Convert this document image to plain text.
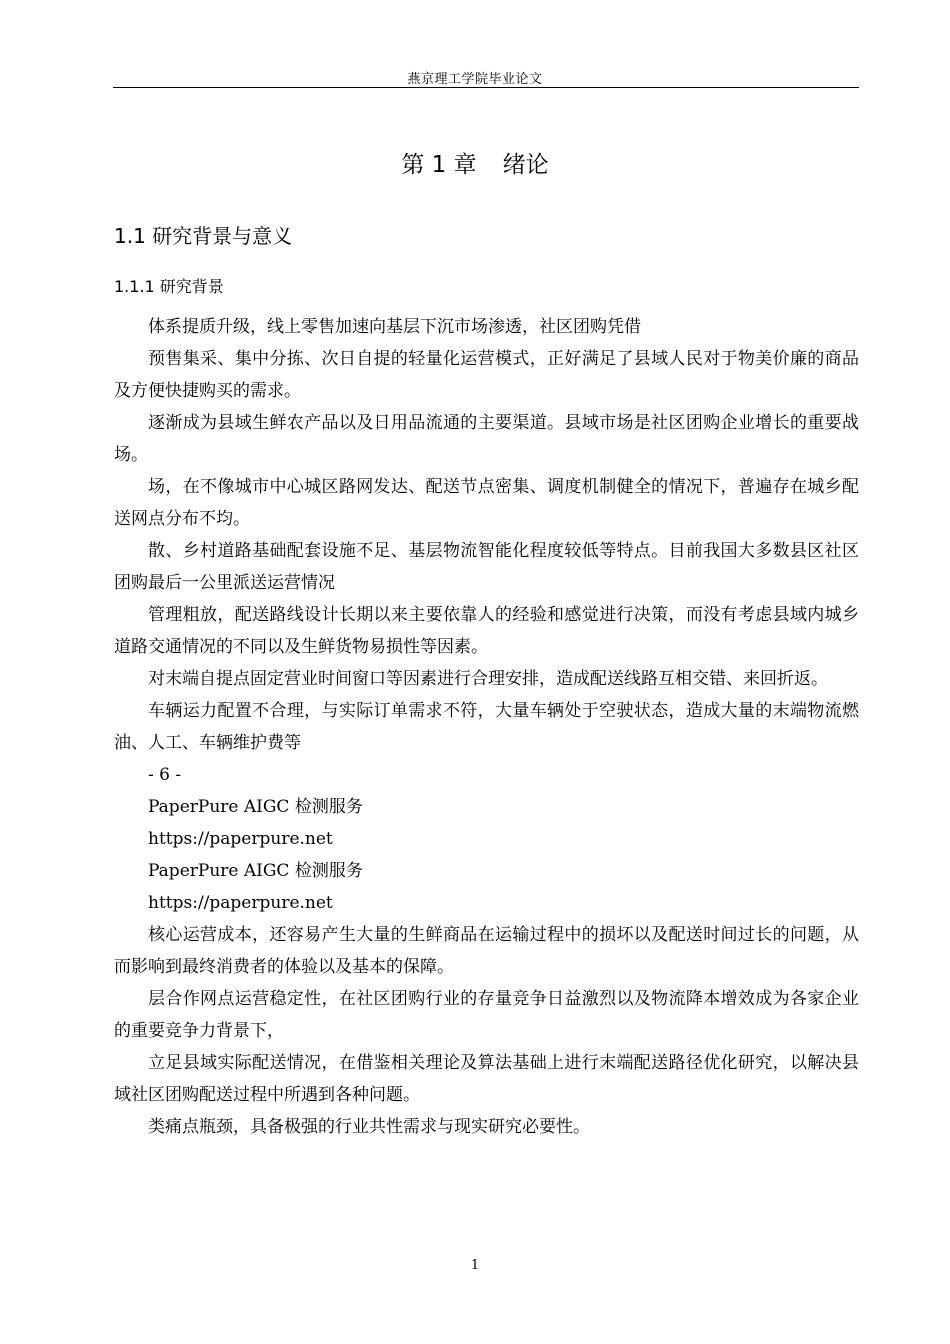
燕京理工学院毕业论文
第 1 章 绪论
1.1 研究背景与意义
1.1.1 研究背景

体系提质升级，线上零售加速向基层下沉市场渗透，社区团购凭借

预售集采、集中分拣、次日自提的轻量化运营模式，正好满足了县域人民对于物美价廉的商品及方便快捷购买的需求。

逐渐成为县域生鲜农产品以及日用品流通的主要渠道。县域市场是社区团购企业增长的重要战场。

场，在不像城市中心城区路网发达、配送节点密集、调度机制健全的情况下，普遍存在城乡配送网点分布不均。

散、乡村道路基础配套设施不足、基层物流智能化程度较低等特点。目前我国大多数县区社区团购最后一公里派送运营情况

管理粗放，配送路线设计长期以来主要依靠人的经验和感觉进行决策，而没有考虑县域内城乡道路交通情况的不同以及生鲜货物易损性等因素。

对末端自提点固定营业时间窗口等因素进行合理安排，造成配送线路互相交错、来回折返。

车辆运力配置不合理，与实际订单需求不符，大量车辆处于空驶状态，造成大量的末端物流燃油、人工、车辆维护费等

- 6 -

PaperPure AIGC 检测服务

https://paperpure.net

PaperPure AIGC 检测服务

https://paperpure.net

核心运营成本，还容易产生大量的生鲜商品在运输过程中的损坏以及配送时间过长的问题，从而影响到最终消费者的体验以及基本的保障。

层合作网点运营稳定性，在社区团购行业的存量竞争日益激烈以及物流降本增效成为各家企业的重要竞争力背景下，

立足县域实际配送情况，在借鉴相关理论及算法基础上进行末端配送路径优化研究，以解决县域社区团购配送过程中所遇到各种问题。

类痛点瓶颈，具备极强的行业共性需求与现实研究必要性。

1
